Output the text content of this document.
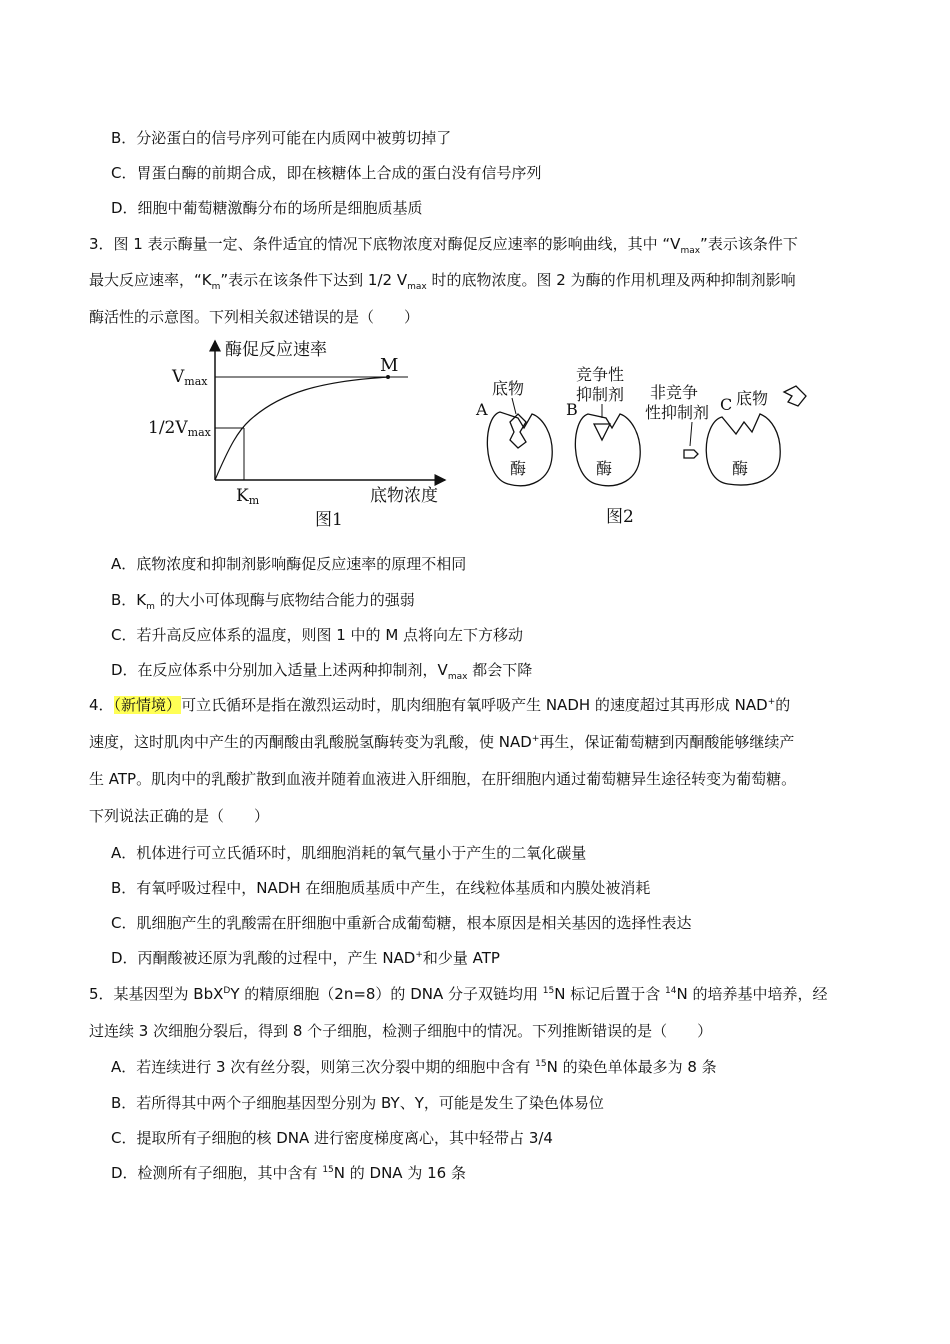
B．分泌蛋白的信号序列可能在内质网中被剪切掉了
C．胃蛋白酶的前期合成，即在核糖体上合成的蛋白没有信号序列
D．细胞中葡萄糖激酶分布的场所是细胞质基质
3．图 1 表示酶量一定、条件适宜的情况下底物浓度对酶促反应速率的影响曲线，其中 “$V_{max}$”表示该条件下
最大反应速率，“$K_m$”表示在该条件下达到 1/2 $V_{max}$ 时的底物浓度。图 2 为酶的作用机理及两种抑制剂影响
酶活性的示意图。下列相关叙述错误的是（　　）
M
酶促反应速率
Vmax
1/2Vmax
Km	底物浓度
图1
A
底物
酶
B
竞争性
抑制剂
酶
非竞争
性抑制剂 C 底物
酶
图2
A．底物浓度和抑制剂影响酶促反应速率的原理不相同
B．$K_m$ 的大小可体现酶与底物结合能力的强弱
C．若升高反应体系的温度，则图 1 中的 M 点将向左下方移动
D．在反应体系中分别加入适量上述两种抑制剂，$V_{max}$ 都会下降
4．（新情境）可立氏循环是指在激烈运动时，肌肉细胞有氧呼吸产生 NADH 的速度超过其再形成 NAD+的
速度，这时肌肉中产生的丙酮酸由乳酸脱氢酶转变为乳酸，使 NAD+再生，保证葡萄糖到丙酮酸能够继续产
生 ATP。肌肉中的乳酸扩散到血液并随着血液进入肝细胞，在肝细胞内通过葡萄糖异生途径转变为葡萄糖。
下列说法正确的是（　　）
A．机体进行可立氏循环时，肌细胞消耗的氧气量小于产生的二氧化碳量
B．有氧呼吸过程中，NADH 在细胞质基质中产生，在线粒体基质和内膜处被消耗
C．肌细胞产生的乳酸需在肝细胞中重新合成葡萄糖，根本原因是相关基因的选择性表达
D．丙酮酸被还原为乳酸的过程中，产生 NAD+和少量 ATP
5．某基因型为 BbX$^D$Y 的精原细胞（2n=8）的 DNA 分子双链均用 $^{15}$N 标记后置于含 $^{14}$N 的培养基中培养，经
过连续 3 次细胞分裂后，得到 8 个子细胞，检测子细胞中的情况。下列推断错误的是（　　）
A．若连续进行 3 次有丝分裂，则第三次分裂中期的细胞中含有 $^{15}$N 的染色单体最多为 8 条
B．若所得其中两个子细胞基因型分别为 BY、Y，可能是发生了染色体易位
C．提取所有子细胞的核 DNA 进行密度梯度离心，其中轻带占 3/4
D．检测所有子细胞，其中含有 $^{15}$N 的 DNA 为 16 条
